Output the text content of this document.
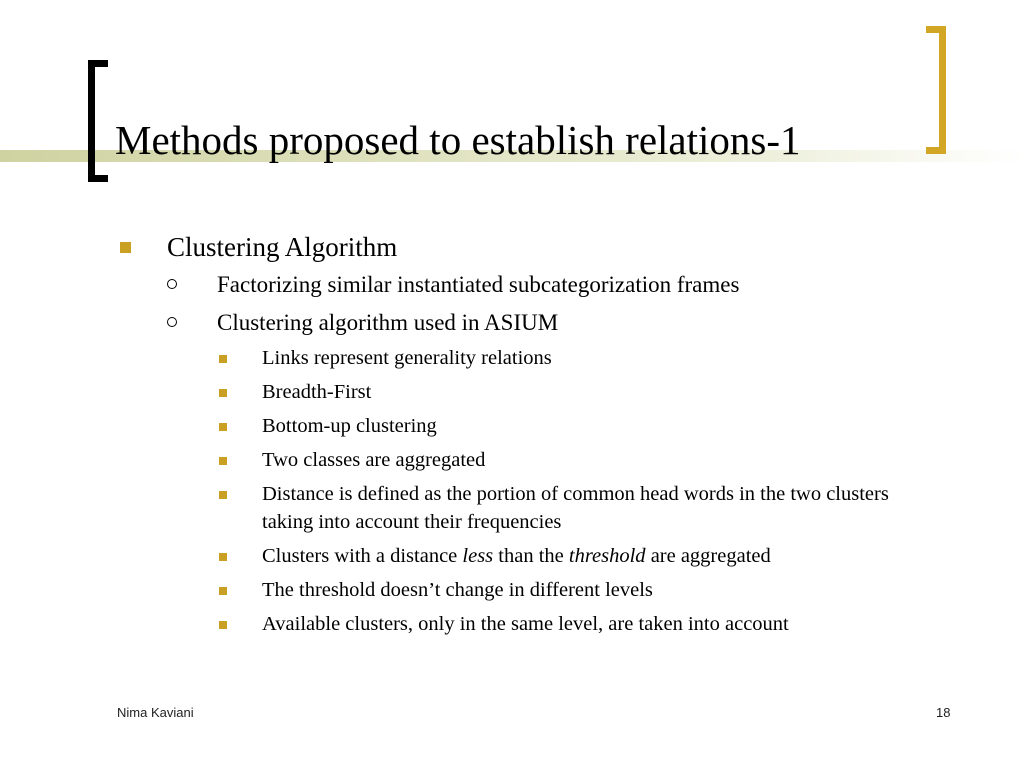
Methods proposed to establish relations-1
Clustering Algorithm
Factorizing similar instantiated subcategorization frames
Clustering algorithm used in ASIUM
Links represent generality relations
Breadth-First
Bottom-up clustering
Two classes are aggregated
Distance is defined as the portion of common head words in the two clusters taking into account their frequencies
Clusters with a distance less than the threshold are aggregated
The threshold doesn’t change in different levels
Available clusters, only in the same level, are taken into account
Nima Kaviani	18
